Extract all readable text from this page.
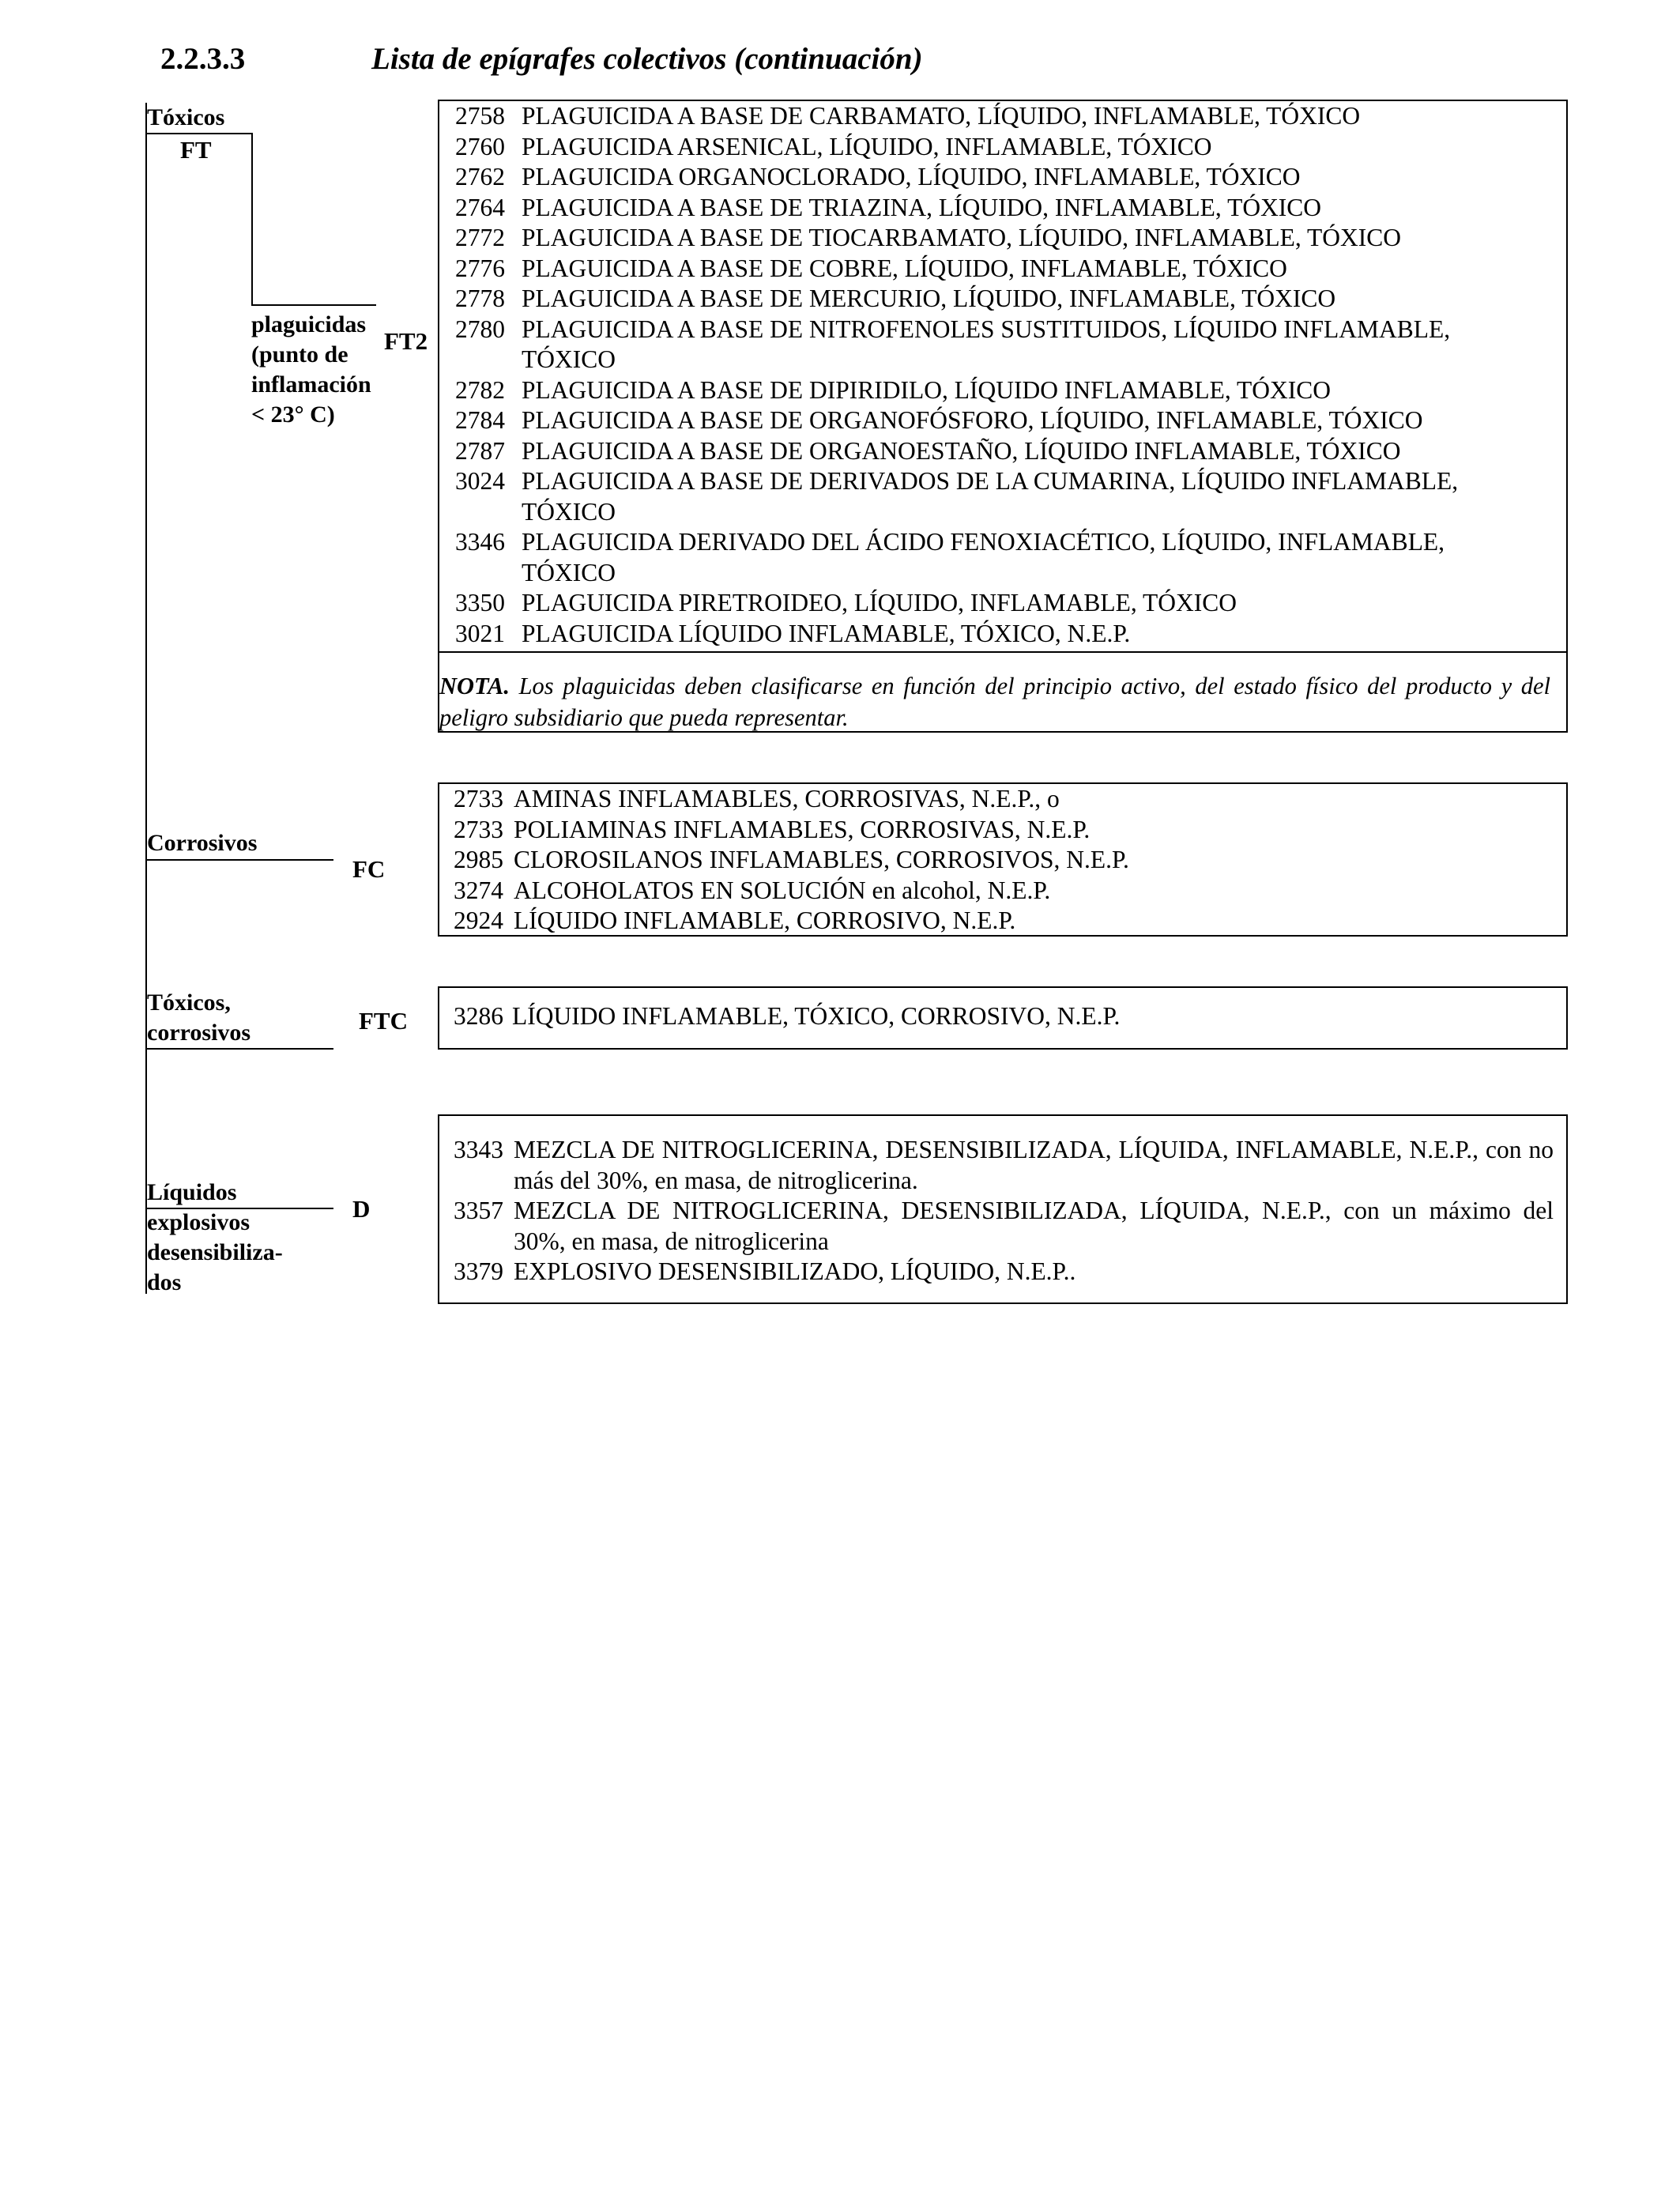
2.2.3.3	Lista de epígrafes colectivos (continuación)
Tóxicos
FT
plaguicidas
(punto de
inflamación
< 23° C)
FT2
2758 PLAGUICIDA A BASE DE CARBAMATO, LÍQUIDO, INFLAMABLE, TÓXICO
2760 PLAGUICIDA ARSENICAL, LÍQUIDO, INFLAMABLE, TÓXICO
2762 PLAGUICIDA ORGANOCLORADO, LÍQUIDO, INFLAMABLE, TÓXICO
2764 PLAGUICIDA A BASE DE TRIAZINA, LÍQUIDO, INFLAMABLE, TÓXICO
2772 PLAGUICIDA A BASE DE TIOCARBAMATO, LÍQUIDO, INFLAMABLE, TÓXICO
2776 PLAGUICIDA A BASE DE COBRE, LÍQUIDO, INFLAMABLE, TÓXICO
2778 PLAGUICIDA A BASE DE MERCURIO, LÍQUIDO, INFLAMABLE, TÓXICO
2780 PLAGUICIDA A BASE DE NITROFENOLES SUSTITUIDOS, LÍQUIDO INFLAMABLE, TÓXICO
2782 PLAGUICIDA A BASE DE DIPIRIDILO, LÍQUIDO INFLAMABLE, TÓXICO
2784 PLAGUICIDA A BASE DE ORGANOFÓSFORO, LÍQUIDO, INFLAMABLE, TÓXICO
2787 PLAGUICIDA A BASE DE ORGANOESTAÑO, LÍQUIDO INFLAMABLE, TÓXICO
3024 PLAGUICIDA A BASE DE DERIVADOS DE LA CUMARINA, LÍQUIDO INFLAMABLE, TÓXICO
3346 PLAGUICIDA DERIVADO DEL ÁCIDO FENOXIACÉTICO, LÍQUIDO, INFLAMABLE, TÓXICO
3350 PLAGUICIDA PIRETROIDEO, LÍQUIDO, INFLAMABLE, TÓXICO
3021 PLAGUICIDA LÍQUIDO INFLAMABLE, TÓXICO, N.E.P.
NOTA. Los plaguicidas deben clasificarse en función del principio activo, del estado físico del producto y del peligro subsidiario que pueda representar.
Corrosivos
FC
2733 AMINAS INFLAMABLES, CORROSIVAS, N.E.P., o
2733 POLIAMINAS INFLAMABLES, CORROSIVAS, N.E.P.
2985 CLOROSILANOS INFLAMABLES, CORROSIVOS, N.E.P.
3274 ALCOHOLATOS EN SOLUCIÓN en alcohol, N.E.P.
2924 LÍQUIDO INFLAMABLE, CORROSIVO, N.E.P.
Tóxicos,
corrosivos	FTC 3286 LÍQUIDO INFLAMABLE, TÓXICO, CORROSIVO, N.E.P.
Líquidos
explosivos
desensibiliza-
dos
D
3343 MEZCLA DE NITROGLICERINA, DESENSIBILIZADA, LÍQUIDA, INFLAMABLE, N.E.P., con no más del 30%, en masa, de nitroglicerina.
3357 MEZCLA DE NITROGLICERINA, DESENSIBILIZADA, LÍQUIDA, N.E.P., con un máximo del 30%, en masa, de nitroglicerina
3379 EXPLOSIVO DESENSIBILIZADO, LÍQUIDO, N.E.P..
